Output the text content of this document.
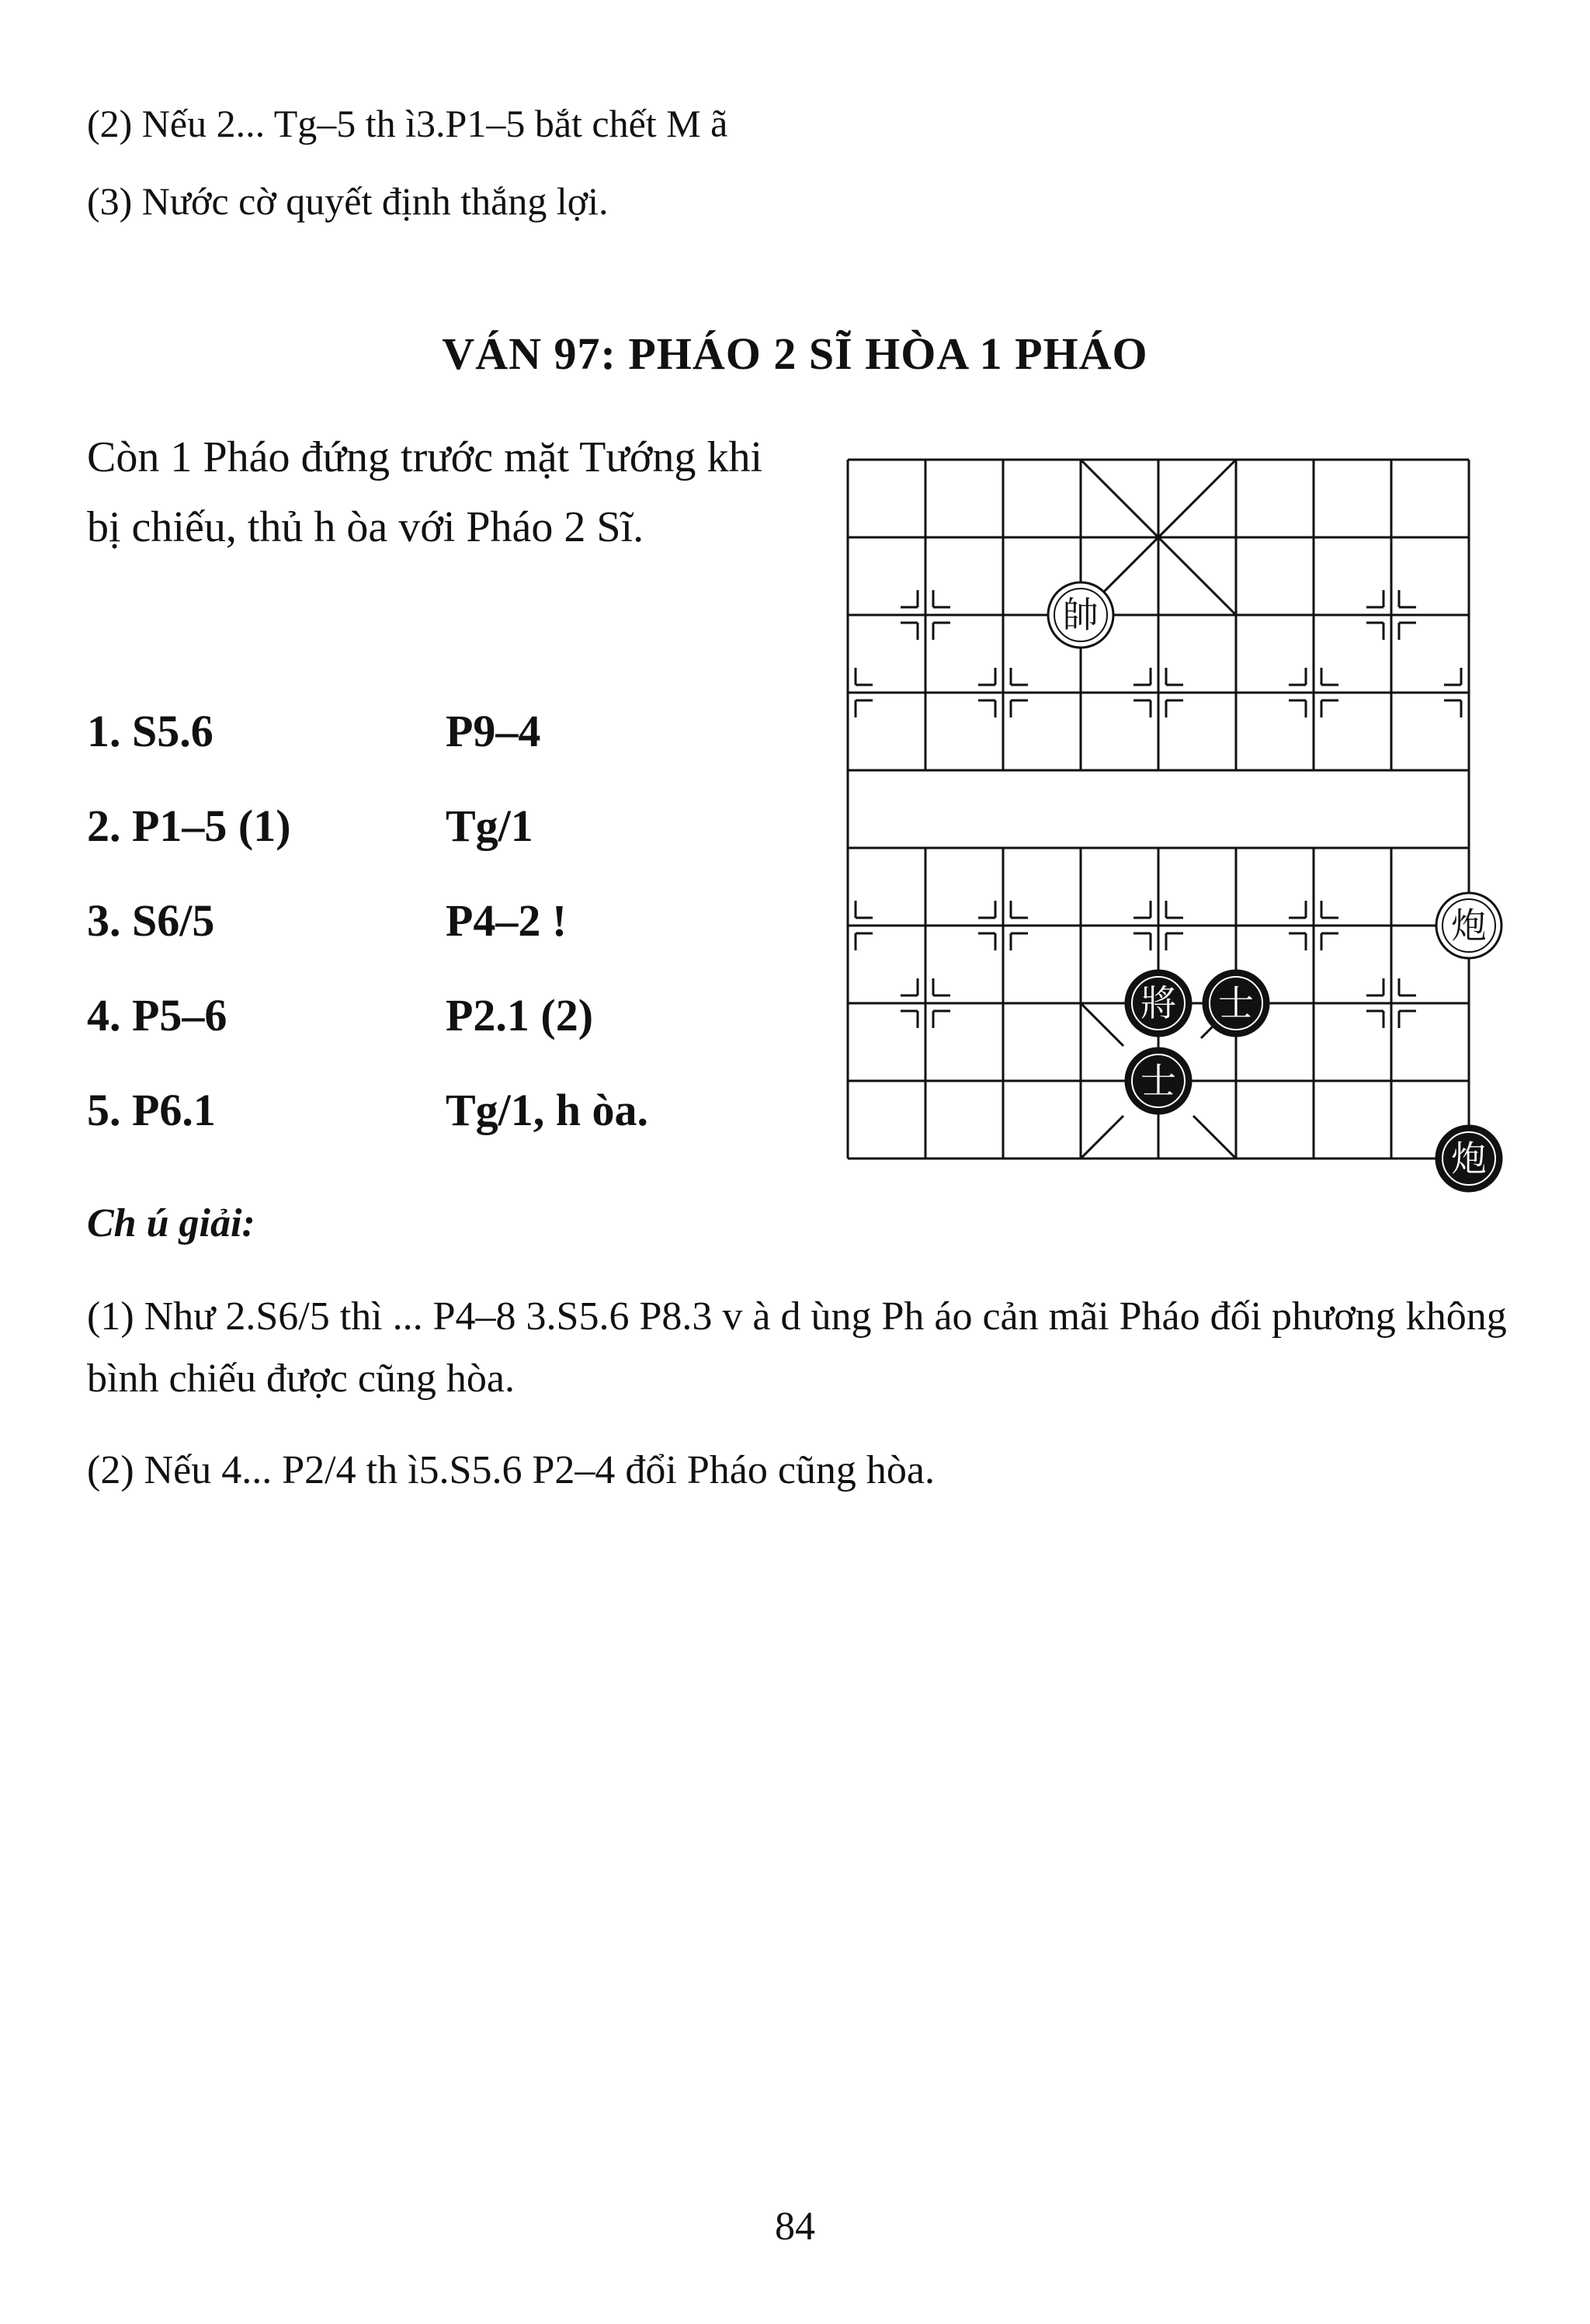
(2) Nếu 2... Tg–5 th ì3.P1–5 bắt chết M ã
(3) Nước cờ quyết định thắng lợi.
VÁN 97: PHÁO 2 SĨ HÒA 1 PHÁO
Còn 1 Pháo đứng trước mặt Tướng khi bị chiếu, thủ h òa với Pháo 2 Sĩ.
1. S5.6	P9–4
2. P1–5 (1)	Tg/1
3. S6/5	P4–2 !
4. P5–6	P2.1 (2)
5. P6.1	Tg/1, h òa.
帥
炮
將 士
士
炮
Ch ú giải:
(1) Như 2.S6/5 thì ... P4–8 3.S5.6 P8.3 v à d ùng Ph áo cản mãi Pháo đối phương không bình chiếu được cũng hòa.
(2) Nếu 4... P2/4 th ì5.S5.6 P2–4 đổi Pháo cũng hòa.
84
